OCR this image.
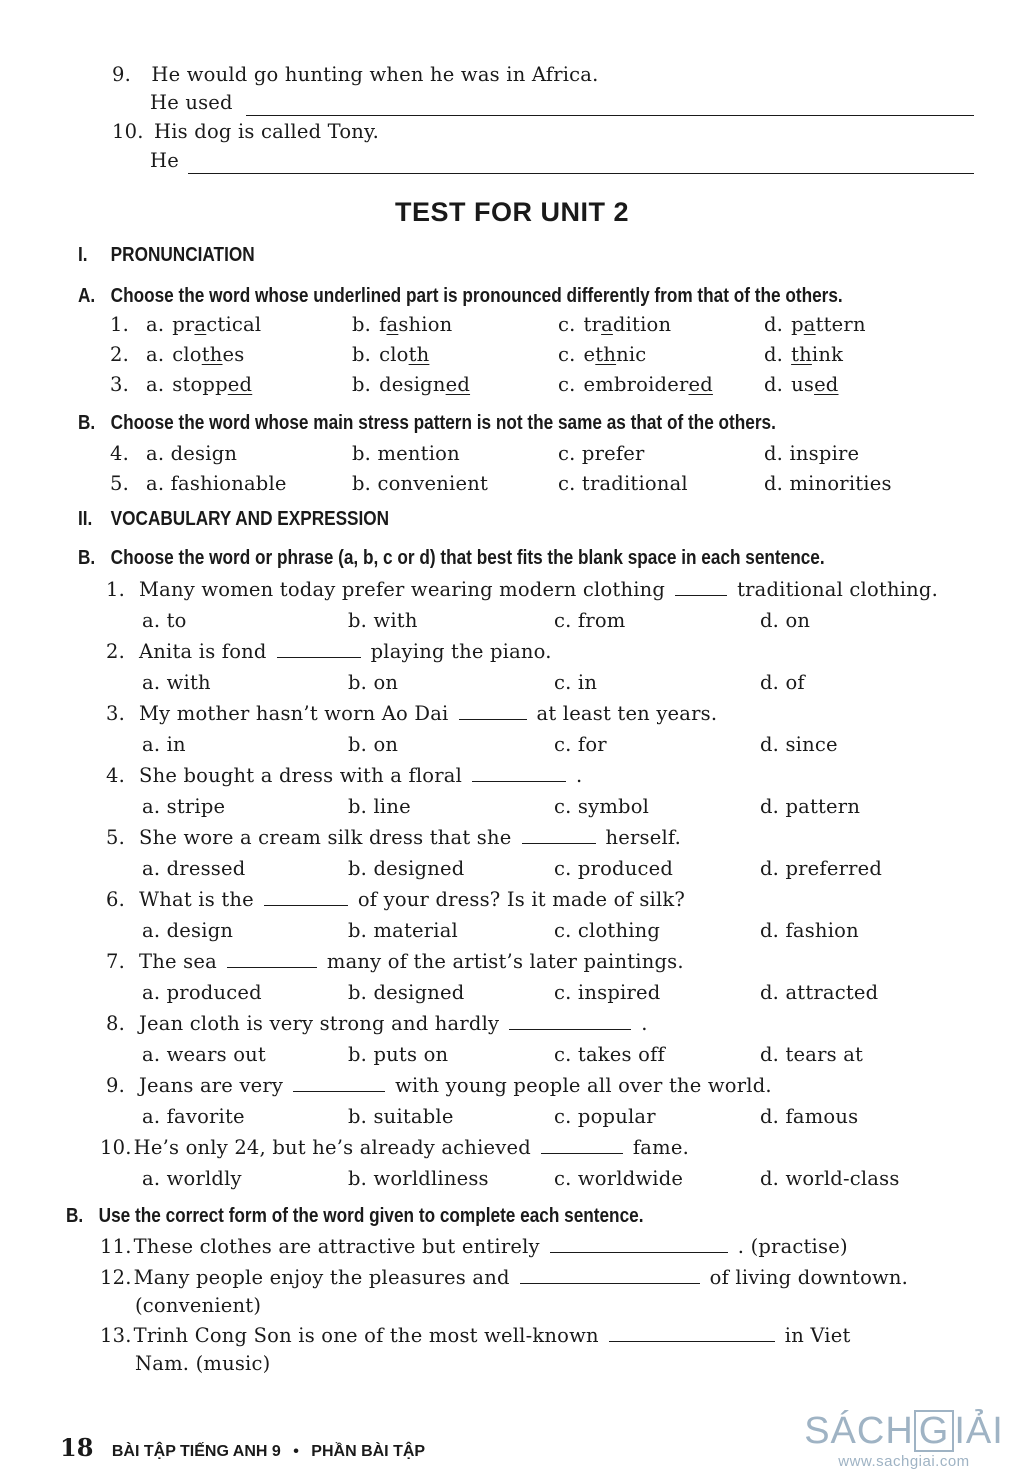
9. He would go hunting when he was in Africa.
He used
10. His dog is called Tony.
He
TEST FOR UNIT 2
I. PRONUNCIATION
A. Choose the word whose underlined part is pronounced differently from that of the others.
1. a. practical	b. fashion	c. tradition	d. pattern
2. a. clothes	b. cloth	c. ethnic	d. think
3. a. stopped	b. designed	c. embroidered	d. used
B. Choose the word whose main stress pattern is not the same as that of the others.
4. a. design	b. mention	c. prefer	d. inspire
5. a. fashionable	b. convenient	c. traditional	d. minorities
II. VOCABULARY AND EXPRESSION
B. Choose the word or phrase (a, b, c or d) that best fits the blank space in each sentence.
1. Many women today prefer wearing modern clothing	traditional clothing.
a. to	b. with	c. from	d. on
2. Anita is fond	playing the piano.
a. with	b. on	c. in	d. of
3. My mother hasn’t worn Ao Dai	at least ten years.
a. in	b. on	c. for	d. since
4. She bought a dress with a floral	.
a. stripe	b. line	c. symbol	d. pattern
5. She wore a cream silk dress that she	herself.
a. dressed	b. designed	c. produced	d. preferred
6. What is the	of your dress? Is it made of silk?
a. design	b. material	c. clothing	d. fashion
7. The sea	many of the artist’s later paintings.
a. produced	b. designed	c. inspired	d. attracted
8. Jean cloth is very strong and hardly	.
a. wears out	b. puts on	c. takes off	d. tears at
9. Jeans are very	with young people all over the world.
a. favorite	b. suitable	c. popular	d. famous
10. He’s only 24, but he’s already achieved	fame.
a. worldly	b. worldliness	c. worldwide	d. world-class
B. Use the correct form of the word given to complete each sentence.
11. These clothes are attractive but entirely	. (practise)
12. Many people enjoy the pleasures and	of living downtown.
(convenient)
13. Trinh Cong Son is one of the most well-known	in Viet
Nam. (music)
18 BÀI TẬP TIẾNG ANH 9 • PHẦN BÀI TẬP	SÁCH G IẢI
www.sachgiai.com
